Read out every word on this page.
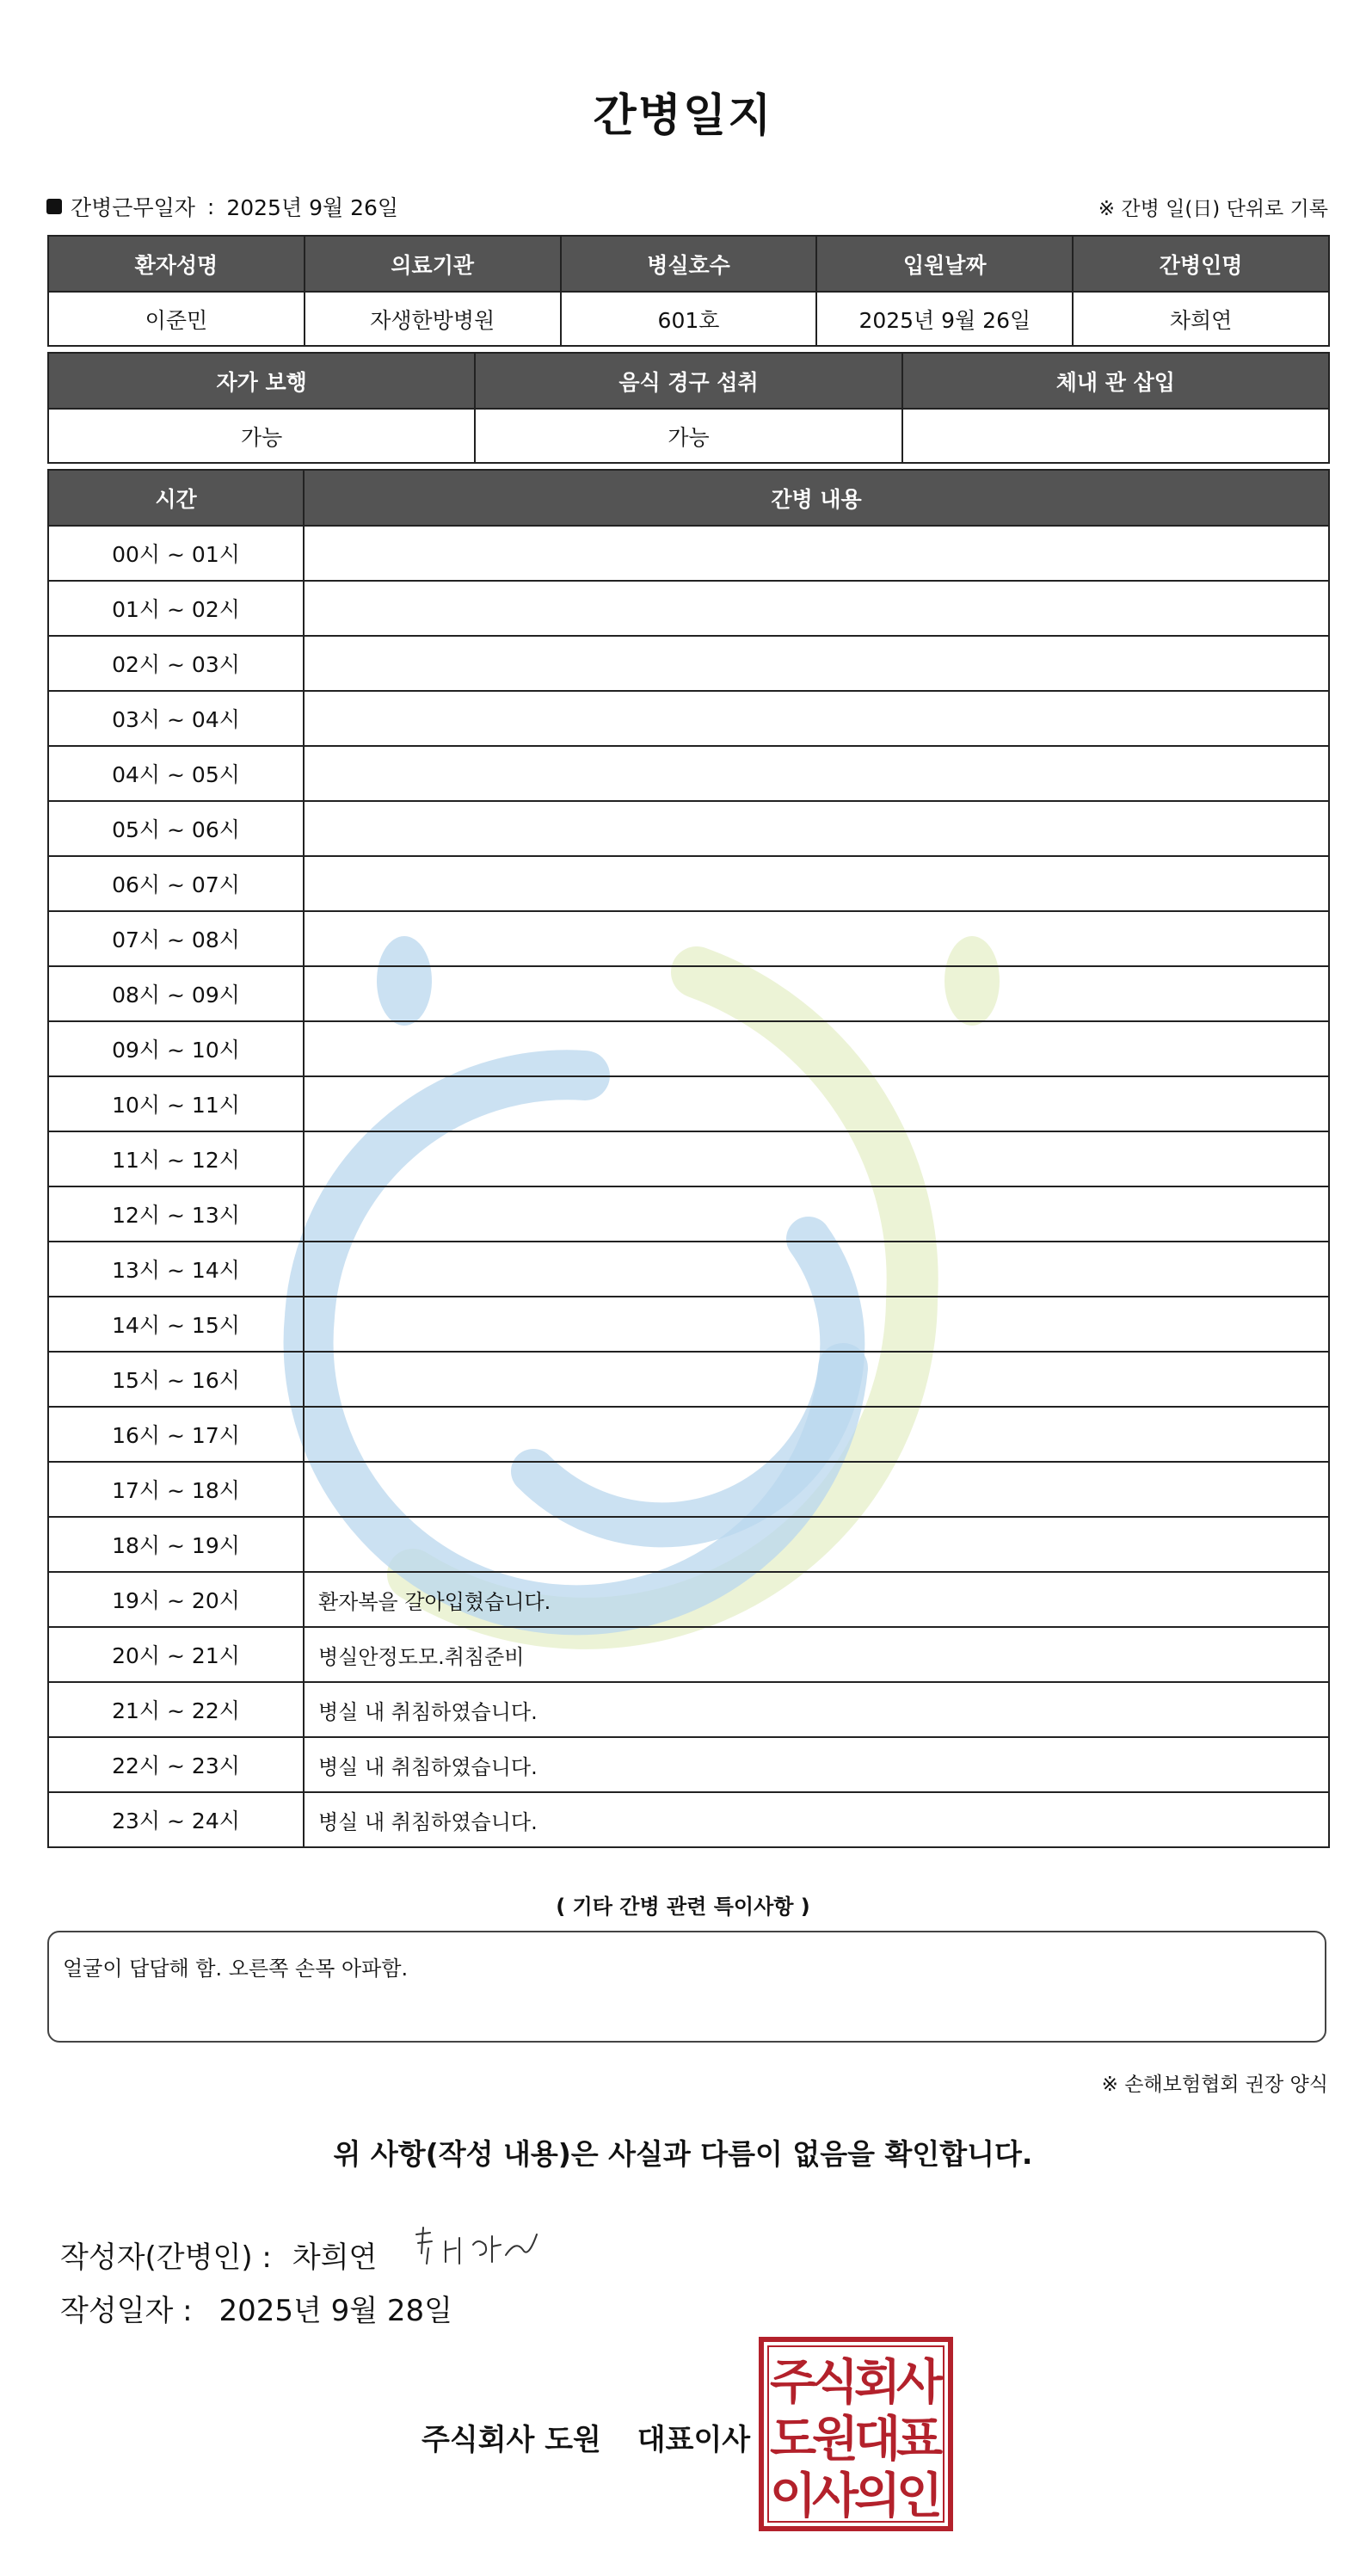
간병일지
간병근무일자 : 2025년 9월 26일	※ 간병 일(日) 단위로 기록
환자성명	의료기관	병실호수	입원날짜	간병인명
이준민	자생한방병원	601호	2025년 9월 26일	차희연
자가 보행	음식 경구 섭취	체내 관 삽입
가능	가능	
시간	간병 내용
00시 ~ 01시	
01시 ~ 02시	
02시 ~ 03시	
03시 ~ 04시	
04시 ~ 05시	
05시 ~ 06시	
06시 ~ 07시	
07시 ~ 08시	
08시 ~ 09시	
09시 ~ 10시	
10시 ~ 11시	
11시 ~ 12시	
12시 ~ 13시	
13시 ~ 14시	
14시 ~ 15시	
15시 ~ 16시	
16시 ~ 17시	
17시 ~ 18시	
18시 ~ 19시	
19시 ~ 20시	환자복을 갈아입혔습니다.
20시 ~ 21시	병실안정도모.취침준비
21시 ~ 22시	병실 내 취침하였습니다.
22시 ~ 23시	병실 내 취침하였습니다.
23시 ~ 24시	병실 내 취침하였습니다.
( 기타 간병 관련 특이사항 )
얼굴이 답답해 함. 오른쪽 손목 아파함.
※ 손해보험협회 권장 양식
위 사항(작성 내용)은 사실과 다름이 없음을 확인합니다.
작성자(간병인) : 차희연
작성일자 : 2025년 9월 28일
주식회사 도원 대표이사
주
식
회
사
도
원
대
표
이
사
의
인
